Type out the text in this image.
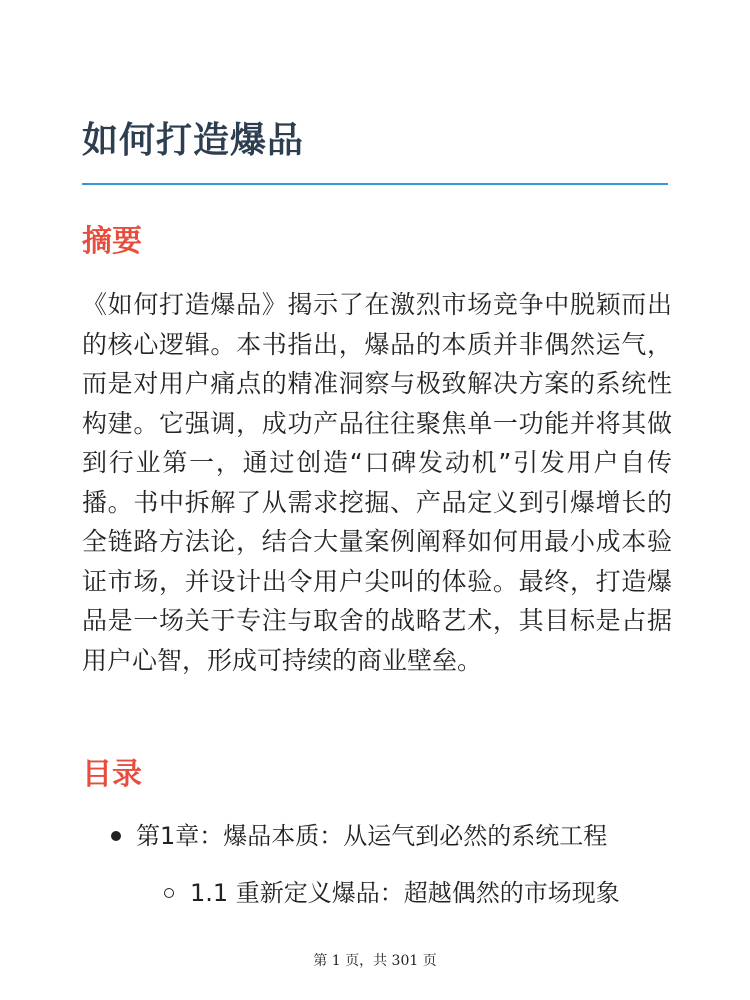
如何打造爆品
摘要

《如何打造爆品》揭示了在激烈市场竞争中脱颖而出的核心逻辑。本书指出，爆品的本质并非偶然运气，而是对用户痛点的精准洞察与极致解决方案的系统性构建。它强调，成功产品往往聚焦单一功能并将其做到行业第一，通过创造“口碑发动机”引发用户自传播。书中拆解了从需求挖掘、产品定义到引爆增长的全链路方法论，结合大量案例阐释如何用最小成本验证市场，并设计出令用户尖叫的体验。最终，打造爆品是一场关于专注与取舍的战略艺术，其目标是占据用户心智，形成可持续的商业壁垒。

目录
第1章：爆品本质：从运气到必然的系统工程
1.1 重新定义爆品：超越偶然的市场现象
第 1 页，共 301 页
